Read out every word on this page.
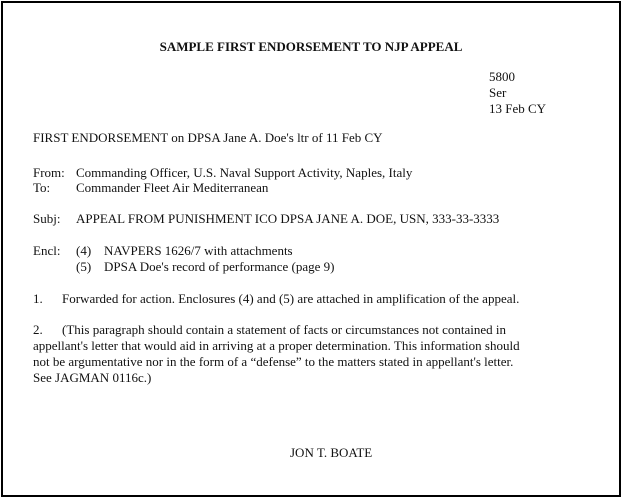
SAMPLE FIRST ENDORSEMENT TO NJP APPEAL
5800
Ser
13 Feb CY
FIRST ENDORSEMENT on DPSA Jane A. Doe's ltr of 11 Feb CY
From: Commanding Officer, U.S. Naval Support Activity, Naples, Italy
To:	Commander Fleet Air Mediterranean
Subj:	APPEAL FROM PUNISHMENT ICO DPSA JANE A. DOE, USN, 333-33-3333
Encl:	(4) NAVPERS 1626/7 with attachments
(5) DPSA Doe's record of performance (page 9)
1. Forwarded for action. Enclosures (4) and (5) are attached in amplification of the appeal.
2. (This paragraph should contain a statement of facts or circumstances not contained in
appellant's letter that would aid in arriving at a proper determination. This information should
not be argumentative nor in the form of a “defense” to the matters stated in appellant's letter.
See JAGMAN 0116c.)
JON T. BOATE
